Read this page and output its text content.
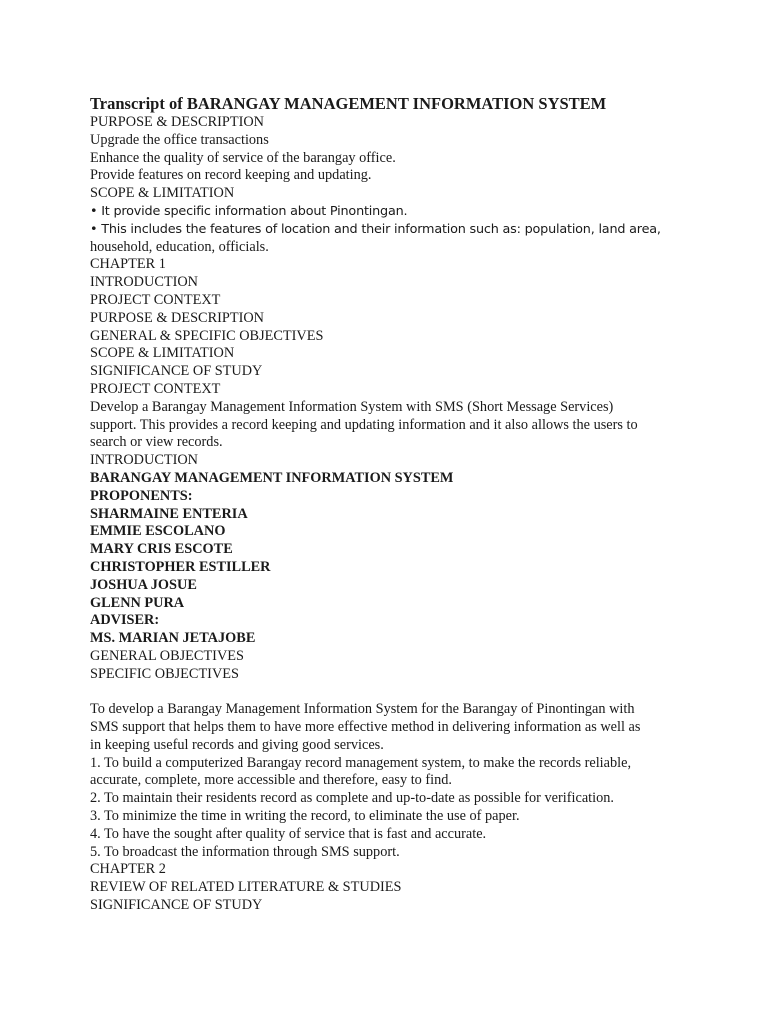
Transcript of BARANGAY MANAGEMENT INFORMATION SYSTEM
PURPOSE & DESCRIPTION
Upgrade the office transactions
Enhance the quality of service of the barangay office.
Provide features on record keeping and updating.
SCOPE & LIMITATION
• It provide specific information about Pinontingan.
• This includes the features of location and their information such as: population, land area,
household, education, officials.
CHAPTER 1
INTRODUCTION
PROJECT CONTEXT
PURPOSE & DESCRIPTION
GENERAL & SPECIFIC OBJECTIVES
SCOPE & LIMITATION
SIGNIFICANCE OF STUDY
PROJECT CONTEXT
Develop a Barangay Management Information System with SMS (Short Message Services)
support. This provides a record keeping and updating information and it also allows the users to
search or view records.
INTRODUCTION
BARANGAY MANAGEMENT INFORMATION SYSTEM
PROPONENTS:
SHARMAINE ENTERIA
EMMIE ESCOLANO
MARY CRIS ESCOTE
CHRISTOPHER ESTILLER
JOSHUA JOSUE
GLENN PURA
ADVISER:
MS. MARIAN JETAJOBE
GENERAL OBJECTIVES
SPECIFIC OBJECTIVES
To develop a Barangay Management Information System for the Barangay of Pinontingan with
SMS support that helps them to have more effective method in delivering information as well as
in keeping useful records and giving good services.
1. To build a computerized Barangay record management system, to make the records reliable,
accurate, complete, more accessible and therefore, easy to find.
2. To maintain their residents record as complete and up-to-date as possible for verification.
3. To minimize the time in writing the record, to eliminate the use of paper.
4. To have the sought after quality of service that is fast and accurate.
5. To broadcast the information through SMS support.
CHAPTER 2
REVIEW OF RELATED LITERATURE & STUDIES
SIGNIFICANCE OF STUDY
